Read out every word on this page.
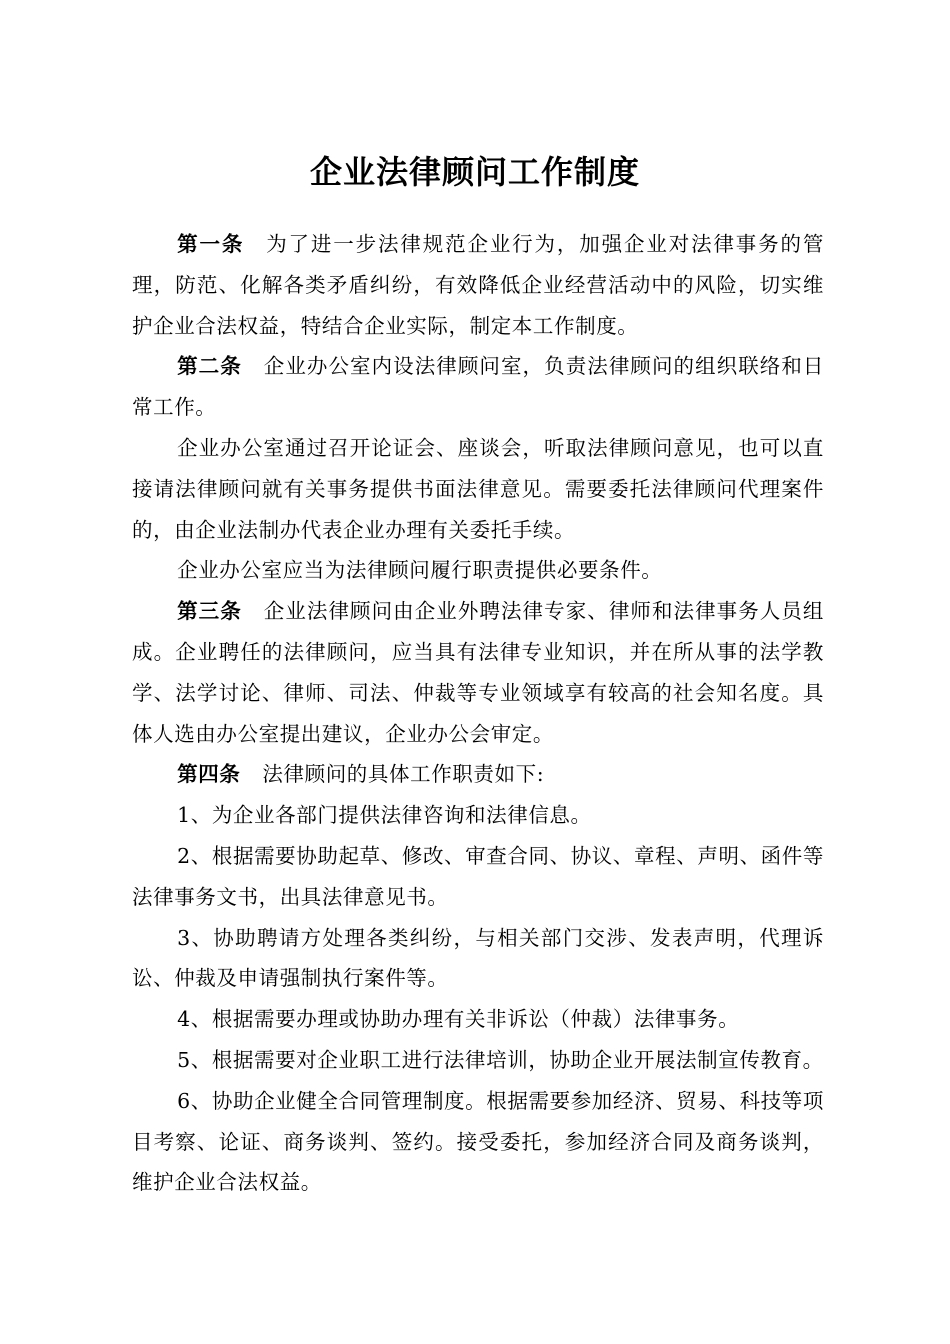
企业法律顾问工作制度

第一条 为了进一步法律规范企业行为，加强企业对法律事务的管理，防范、化解各类矛盾纠纷，有效降低企业经营活动中的风险，切实维护企业合法权益，特结合企业实际，制定本工作制度。

第二条 企业办公室内设法律顾问室，负责法律顾问的组织联络和日常工作。

企业办公室通过召开论证会、座谈会，听取法律顾问意见，也可以直接请法律顾问就有关事务提供书面法律意见。需要委托法律顾问代理案件的，由企业法制办代表企业办理有关委托手续。

企业办公室应当为法律顾问履行职责提供必要条件。

第三条 企业法律顾问由企业外聘法律专家、律师和法律事务人员组成。企业聘任的法律顾问，应当具有法律专业知识，并在所从事的法学教学、法学讨论、律师、司法、仲裁等专业领域享有较高的社会知名度。具体人选由办公室提出建议，企业办公会审定。

第四条 法律顾问的具体工作职责如下:

1、为企业各部门提供法律咨询和法律信息。

2、根据需要协助起草、修改、审查合同、协议、章程、声明、函件等法律事务文书，出具法律意见书。

3、协助聘请方处理各类纠纷，与相关部门交涉、发表声明，代理诉讼、仲裁及申请强制执行案件等。

4、根据需要办理或协助办理有关非诉讼（仲裁）法律事务。

5、根据需要对企业职工进行法律培训，协助企业开展法制宣传教育。

6、协助企业健全合同管理制度。根据需要参加经济、贸易、科技等项目考察、论证、商务谈判、签约。接受委托，参加经济合同及商务谈判，维护企业合法权益。
